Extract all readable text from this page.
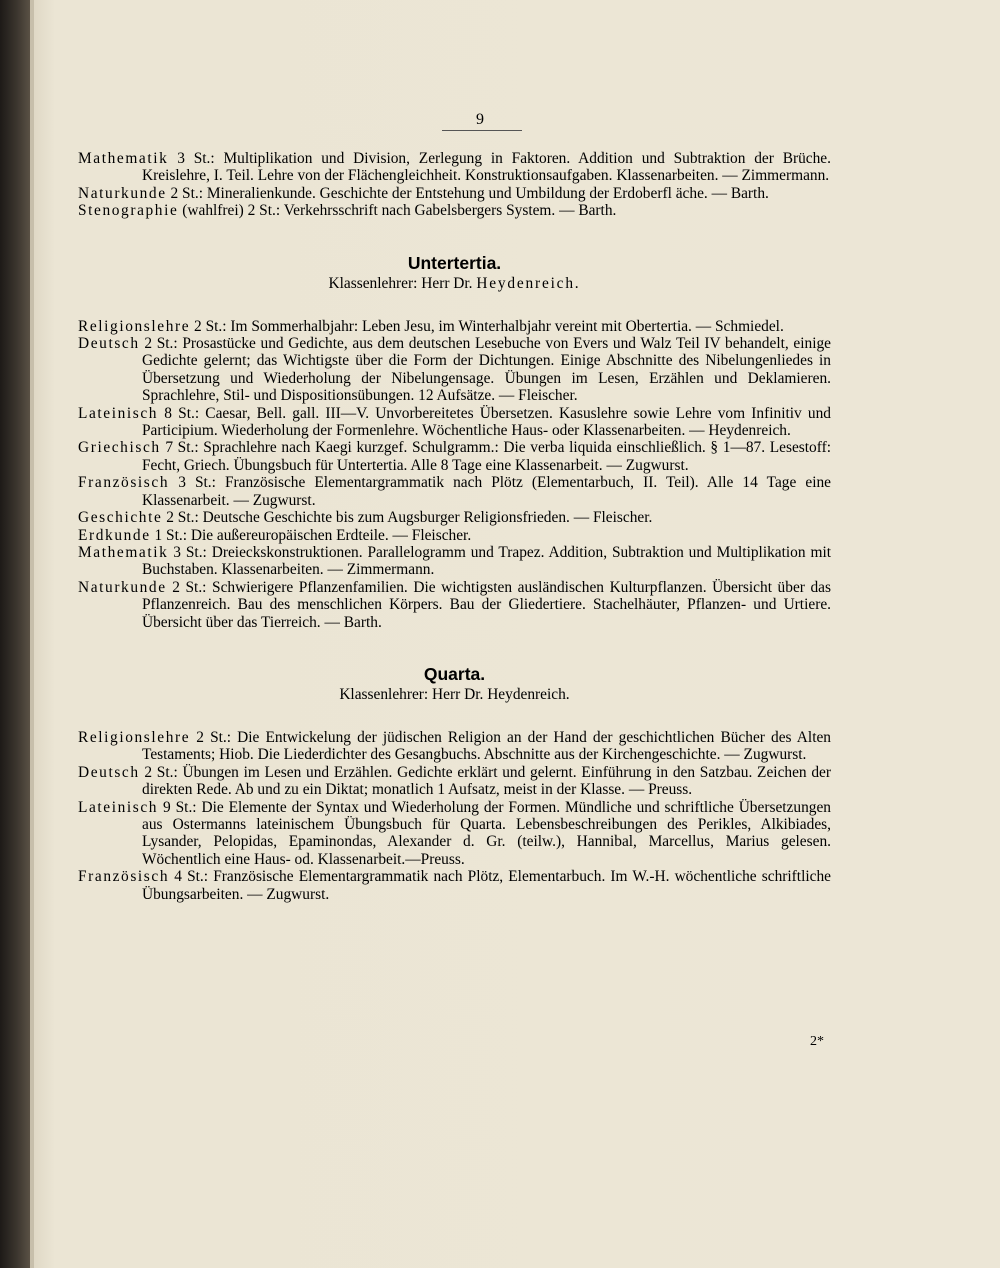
9

Mathematik 3 St.: Multiplikation und Division, Zerlegung in Faktoren. Addition und Subtraktion der Brüche. Kreislehre, I. Teil. Lehre von der Flächengleichheit. Konstruktionsaufgaben. Klassenarbeiten. — Zimmermann.

Naturkunde 2 St.: Mineralienkunde. Geschichte der Entstehung und Umbildung der Erdoberfl äche. — Barth.

Stenographie (wahlfrei) 2 St.: Verkehrsschrift nach Gabelsbergers System. — Barth.

Untertertia.

Klassenlehrer: Herr Dr. Heydenreich.

Religionslehre 2 St.: Im Sommerhalbjahr: Leben Jesu, im Winterhalbjahr vereint mit Obertertia. — Schmiedel.

Deutsch 2 St.: Prosastücke und Gedichte, aus dem deutschen Lesebuche von Evers und Walz Teil IV behandelt, einige Gedichte gelernt; das Wichtigste über die Form der Dichtungen. Einige Abschnitte des Nibelungenliedes in Übersetzung und Wiederholung der Nibelungensage. Übungen im Lesen, Erzählen und Deklamieren. Sprachlehre, Stil- und Dispositionsübungen. 12 Aufsätze. — Fleischer.

Lateinisch 8 St.: Caesar, Bell. gall. III—V. Unvorbereitetes Übersetzen. Kasuslehre sowie Lehre vom Infinitiv und Participium. Wiederholung der Formenlehre. Wöchentliche Haus- oder Klassenarbeiten. — Heydenreich.

Griechisch 7 St.: Sprachlehre nach Kaegi kurzgef. Schulgramm.: Die verba liquida einschließlich. § 1—87. Lesestoff: Fecht, Griech. Übungsbuch für Untertertia. Alle 8 Tage eine Klassenarbeit. — Zugwurst.

Französisch 3 St.: Französische Elementargrammatik nach Plötz (Elementarbuch, II. Teil). Alle 14 Tage eine Klassenarbeit. — Zugwurst.

Geschichte 2 St.: Deutsche Geschichte bis zum Augsburger Religionsfrieden. — Fleischer.

Erdkunde 1 St.: Die außereuropäischen Erdteile. — Fleischer.

Mathematik 3 St.: Dreieckskonstruktionen. Parallelogramm und Trapez. Addition, Subtraktion und Multiplikation mit Buchstaben. Klassenarbeiten. — Zimmermann.

Naturkunde 2 St.: Schwierigere Pflanzenfamilien. Die wichtigsten ausländischen Kulturpflanzen. Übersicht über das Pflanzenreich. Bau des menschlichen Körpers. Bau der Gliedertiere. Stachelhäuter, Pflanzen- und Urtiere. Übersicht über das Tierreich. — Barth.

Quarta.

Klassenlehrer: Herr Dr. Heydenreich.

Religionslehre 2 St.: Die Entwickelung der jüdischen Religion an der Hand der geschichtlichen Bücher des Alten Testaments; Hiob. Die Liederdichter des Gesangbuchs. Abschnitte aus der Kirchengeschichte. — Zugwurst.

Deutsch 2 St.: Übungen im Lesen und Erzählen. Gedichte erklärt und gelernt. Einführung in den Satzbau. Zeichen der direkten Rede. Ab und zu ein Diktat; monatlich 1 Aufsatz, meist in der Klasse. — Preuss.

Lateinisch 9 St.: Die Elemente der Syntax und Wiederholung der Formen. Mündliche und schriftliche Übersetzungen aus Ostermanns lateinischem Übungsbuch für Quarta. Lebensbeschreibungen des Perikles, Alkibiades, Lysander, Pelopidas, Epaminondas, Alexander d. Gr. (teilw.), Hannibal, Marcellus, Marius gelesen. Wöchentlich eine Haus- od. Klassenarbeit.—Preuss.

Französisch 4 St.: Französische Elementargrammatik nach Plötz, Elementarbuch. Im W.-H. wöchentliche schriftliche Übungsarbeiten. — Zugwurst.

2*
